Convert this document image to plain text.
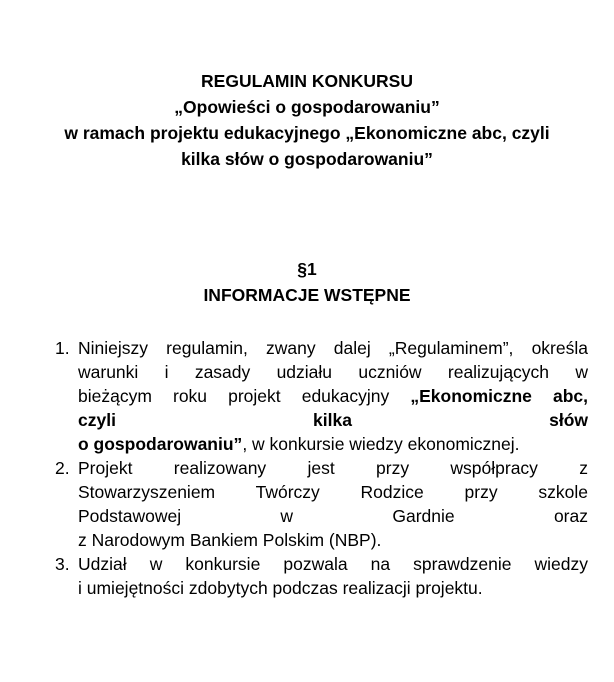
REGULAMIN KONKURSU
„Opowieści o gospodarowaniu”
w ramach projektu edukacyjnego „Ekonomiczne abc, czyli
kilka słów o gospodarowaniu”
§1
INFORMACJE WSTĘPNE
1. Niniejszy regulamin, zwany dalej „Regulaminem”, określa
warunki i zasady udziału uczniów realizujących w
bieżącym roku projekt edukacyjny „Ekonomiczne abc,
czyli kilka słów
o gospodarowaniu”, w konkursie wiedzy ekonomicznej.
2. Projekt realizowany jest przy współpracy z
Stowarzyszeniem Twórczy Rodzice przy szkole
Podstawowej w Gardnie oraz
z Narodowym Bankiem Polskim (NBP).
3. Udział w konkursie pozwala na sprawdzenie wiedzy
i umiejętności zdobytych podczas realizacji projektu.
